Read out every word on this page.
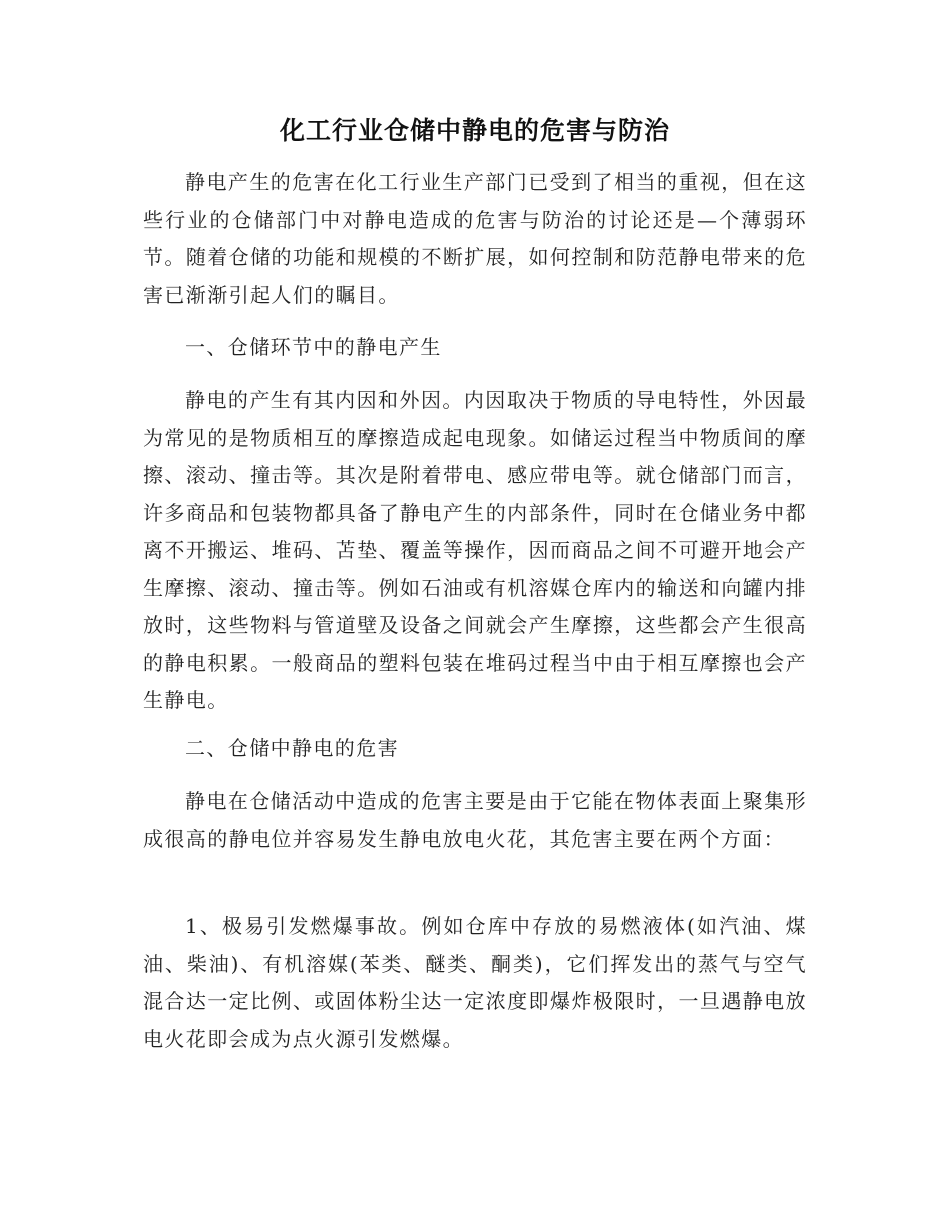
化工行业仓储中静电的危害与防治

静电产生的危害在化工行业生产部门已受到了相当的重视，但在这些行业的仓储部门中对静电造成的危害与防治的讨论还是—个薄弱环节。随着仓储的功能和规模的不断扩展，如何控制和防范静电带来的危害已渐渐引起人们的瞩目。

一、仓储环节中的静电产生

静电的产生有其内因和外因。内因取决于物质的导电特性，外因最为常见的是物质相互的摩擦造成起电现象。如储运过程当中物质间的摩擦、滚动、撞击等。其次是附着带电、感应带电等。就仓储部门而言，许多商品和包装物都具备了静电产生的内部条件，同时在仓储业务中都离不开搬运、堆码、苫垫、覆盖等操作，因而商品之间不可避开地会产生摩擦、滚动、撞击等。例如石油或有机溶媒仓库内的输送和向罐内排放时，这些物料与管道壁及设备之间就会产生摩擦，这些都会产生很高的静电积累。一般商品的塑料包装在堆码过程当中由于相互摩擦也会产生静电。

二、仓储中静电的危害

静电在仓储活动中造成的危害主要是由于它能在物体表面上聚集形成很高的静电位并容易发生静电放电火花，其危害主要在两个方面：

1、极易引发燃爆事故。例如仓库中存放的易燃液体(如汽油、煤油、柴油)、有机溶媒(苯类、醚类、酮类)，它们挥发出的蒸气与空气混合达一定比例、或固体粉尘达一定浓度即爆炸极限时，一旦遇静电放电火花即会成为点火源引发燃爆。
